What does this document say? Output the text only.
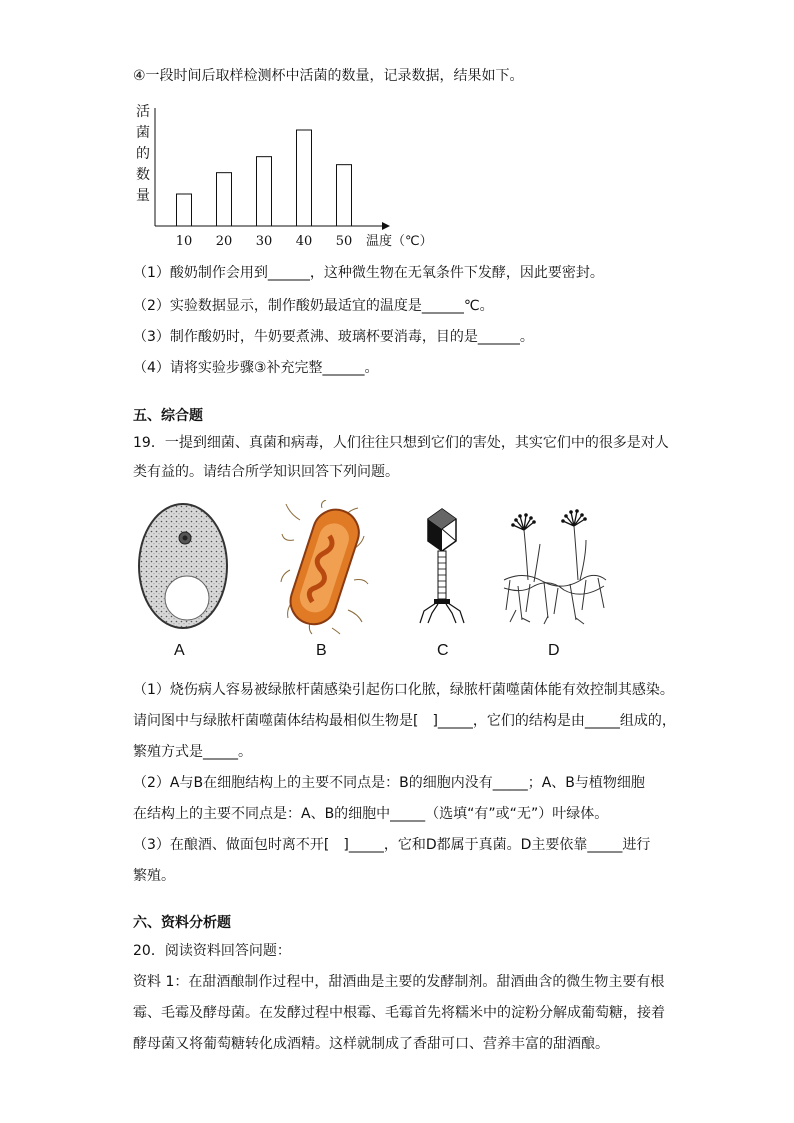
④一段时间后取样检测杯中活菌的数量，记录数据，结果如下。
活
菌
的
数
量
10 20 30 40 50 温度（℃）
（1）酸奶制作会用到______，这种微生物在无氧条件下发酵，因此要密封。
（2）实验数据显示，制作酸奶最适宜的温度是______℃。
（3）制作酸奶时，牛奶要煮沸、玻璃杯要消毒，目的是______。
（4）请将实验步骤③补充完整______。
五、综合题
19．一提到细菌、真菌和病毒，人们往往只想到它们的害处，其实它们中的很多是对人
类有益的。请结合所学知识回答下列问题。
A	B	C	D
（1）烧伤病人容易被绿脓杆菌感染引起伤口化脓，绿脓杆菌噬菌体能有效控制其感染。
请问图中与绿脓杆菌噬菌体结构最相似生物是[　]_____，它们的结构是由_____组成的，
繁殖方式是_____。
（2）A与B在细胞结构上的主要不同点是：B的细胞内没有_____；A、B与植物细胞
在结构上的主要不同点是：A、B的细胞中_____（选填“有”或“无”）叶绿体。
（3）在酿酒、做面包时离不开[　]_____，它和D都属于真菌。D主要依靠_____进行
繁殖。
六、资料分析题
20．阅读资料回答问题：
资料 1：在甜酒酿制作过程中，甜酒曲是主要的发酵制剂。甜酒曲含的微生物主要有根
霉、毛霉及酵母菌。在发酵过程中根霉、毛霉首先将糯米中的淀粉分解成葡萄糖，接着
酵母菌又将葡萄糖转化成酒精。这样就制成了香甜可口、营养丰富的甜酒酿。
